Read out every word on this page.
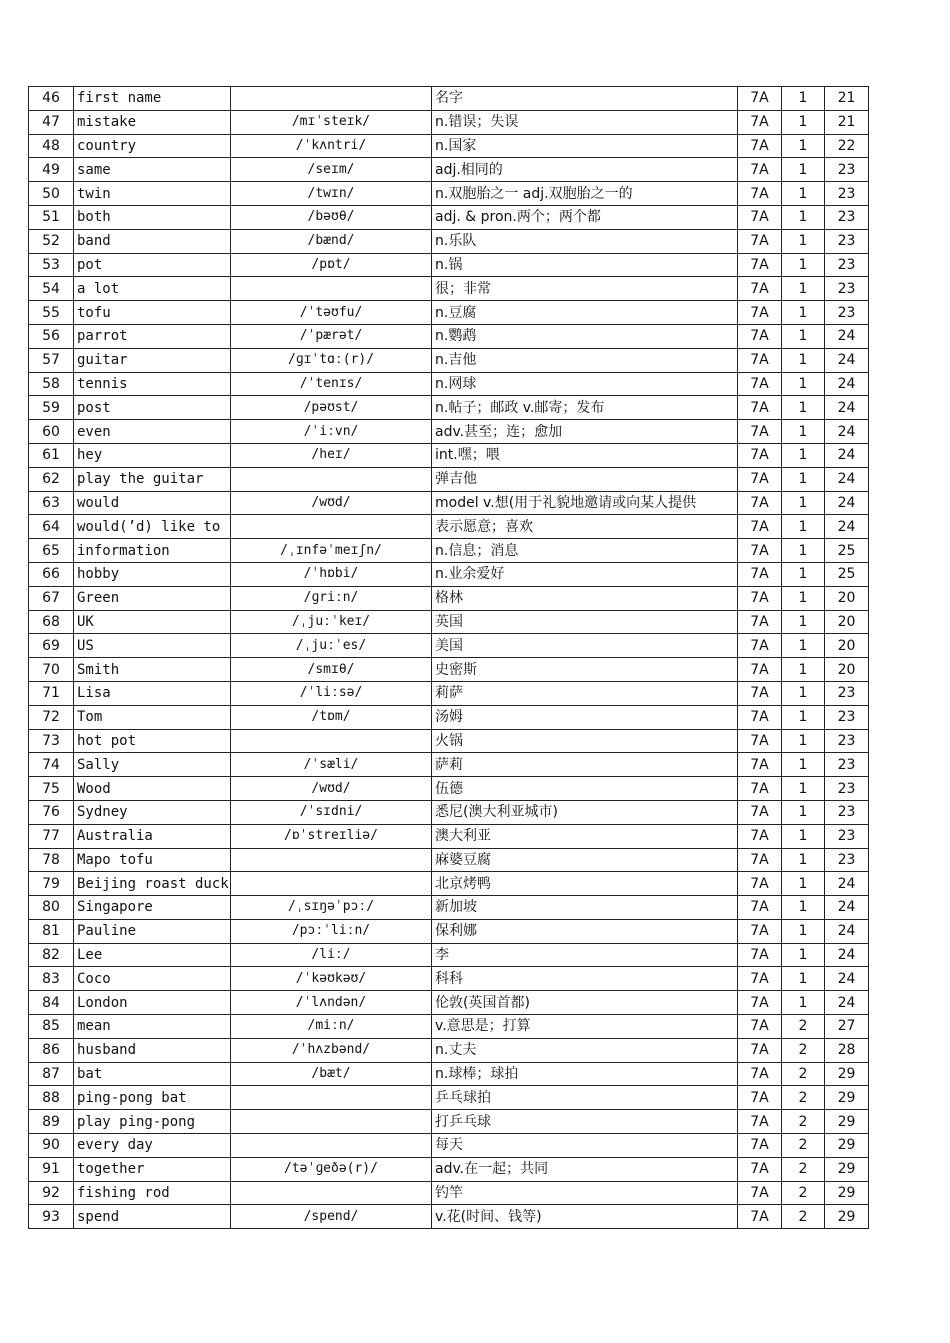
46	first name		名字	7A	1	21
47	mistake	/mɪˈsteɪk/	n.错误；失误	7A	1	21
48	country	/ˈkʌntri/	n.国家	7A	1	22
49	same	/seɪm/	adj.相同的	7A	1	23
50	twin	/twɪn/	n.双胞胎之一 adj.双胞胎之一的	7A	1	23
51	both	/bəʊθ/	adj. & pron.两个；两个都	7A	1	23
52	band	/bænd/	n.乐队	7A	1	23
53	pot	/pɒt/	n.锅	7A	1	23
54	a lot		很；非常	7A	1	23
55	tofu	/ˈtəʊfu/	n.豆腐	7A	1	23
56	parrot	/ˈpærət/	n.鹦鹉	7A	1	24
57	guitar	/ɡɪˈtɑː(r)/	n.吉他	7A	1	24
58	tennis	/ˈtenɪs/	n.网球	7A	1	24
59	post	/pəʊst/	n.帖子；邮政 v.邮寄；发布	7A	1	24
60	even	/ˈiːvn/	adv.甚至；连；愈加	7A	1	24
61	hey	/heɪ/	int.嘿；喂	7A	1	24
62	play the guitar		弹吉他	7A	1	24
63	would	/wʊd/	model v.想(用于礼貌地邀请或向某人提供	7A	1	24
64	would(’d) like to		表示愿意；喜欢	7A	1	24
65	information	/ˌɪnfəˈmeɪʃn/	n.信息；消息	7A	1	25
66	hobby	/ˈhɒbi/	n.业余爱好	7A	1	25
67	Green	/ɡriːn/	格林	7A	1	20
68	UK	/ˌjuːˈkeɪ/	英国	7A	1	20
69	US	/ˌjuːˈes/	美国	7A	1	20
70	Smith	/smɪθ/	史密斯	7A	1	20
71	Lisa	/ˈliːsə/	莉萨	7A	1	23
72	Tom	/tɒm/	汤姆	7A	1	23
73	hot pot		火锅	7A	1	23
74	Sally	/ˈsæli/	萨莉	7A	1	23
75	Wood	/wʊd/	伍德	7A	1	23
76	Sydney	/ˈsɪdni/	悉尼(澳大利亚城市)	7A	1	23
77	Australia	/ɒˈstreɪliə/	澳大利亚	7A	1	23
78	Mapo tofu		麻婆豆腐	7A	1	23
79	Beijing roast duck		北京烤鸭	7A	1	24
80	Singapore	/ˌsɪŋəˈpɔː/	新加坡	7A	1	24
81	Pauline	/pɔːˈliːn/	保利娜	7A	1	24
82	Lee	/liː/	李	7A	1	24
83	Coco	/ˈkəʊkəʊ/	科科	7A	1	24
84	London	/ˈlʌndən/	伦敦(英国首都)	7A	1	24
85	mean	/miːn/	v.意思是；打算	7A	2	27
86	husband	/ˈhʌzbənd/	n.丈夫	7A	2	28
87	bat	/bæt/	n.球棒；球拍	7A	2	29
88	ping-pong bat		乒乓球拍	7A	2	29
89	play ping-pong		打乒乓球	7A	2	29
90	every day		每天	7A	2	29
91	together	/təˈɡeðə(r)/	adv.在一起；共同	7A	2	29
92	fishing rod		钓竿	7A	2	29
93	spend	/spend/	v.花(时间、钱等)	7A	2	29
